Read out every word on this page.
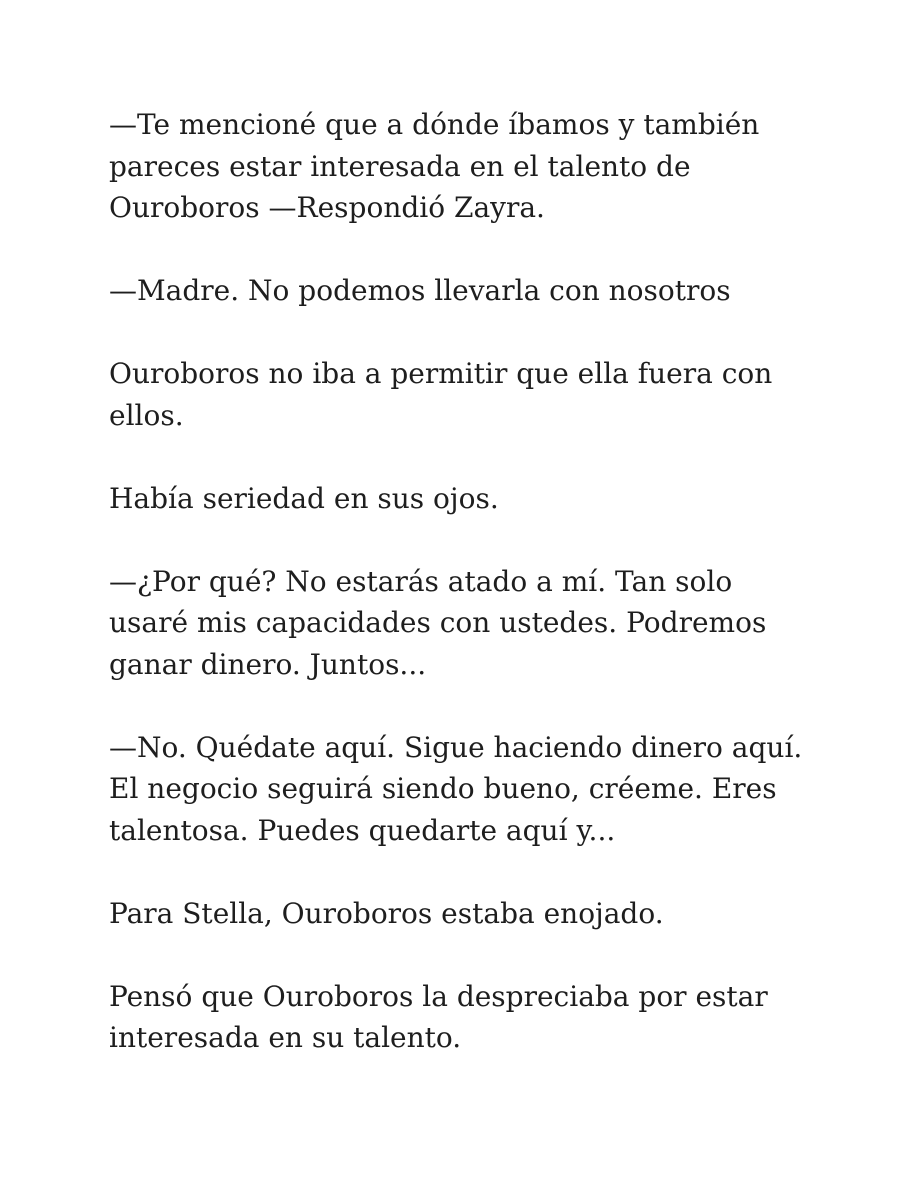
—Te mencioné que a dónde íbamos y también
pareces estar interesada en el talento de
Ouroboros —Respondió Zayra.

—Madre. No podemos llevarla con nosotros

Ouroboros no iba a permitir que ella fuera con
ellos.

Había seriedad en sus ojos.

—¿Por qué? No estarás atado a mí. Tan solo
usaré mis capacidades con ustedes. Podremos
ganar dinero. Juntos...

—No. Quédate aquí. Sigue haciendo dinero aquí.
El negocio seguirá siendo bueno, créeme. Eres
talentosa. Puedes quedarte aquí y...

Para Stella, Ouroboros estaba enojado.

Pensó que Ouroboros la despreciaba por estar
interesada en su talento.
